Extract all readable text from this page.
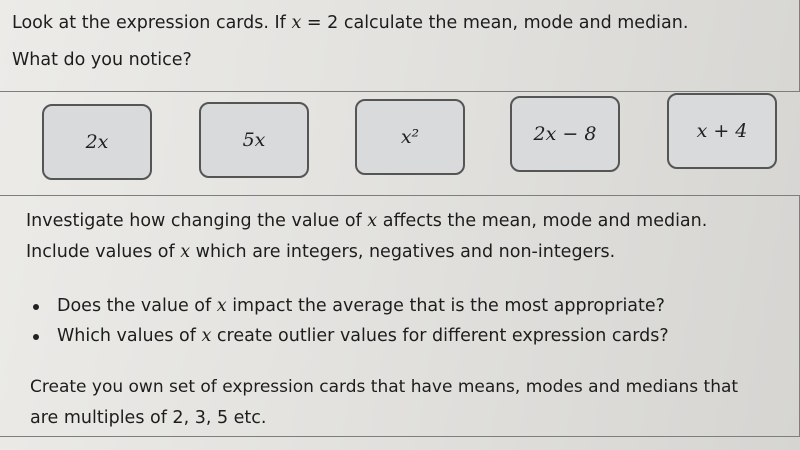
Look at the expression cards. If x = 2 calculate the mean, mode and median.
What do you notice?
2x	5x	x²	2x − 8	x + 4
Investigate how changing the value of x affects the mean, mode and median.
Include values of x which are integers, negatives and non-integers.
Does the value of x impact the average that is the most appropriate?
Which values of x create outlier values for different expression cards?
Create you own set of expression cards that have means, modes and medians that
are multiples of 2, 3, 5 etc.
